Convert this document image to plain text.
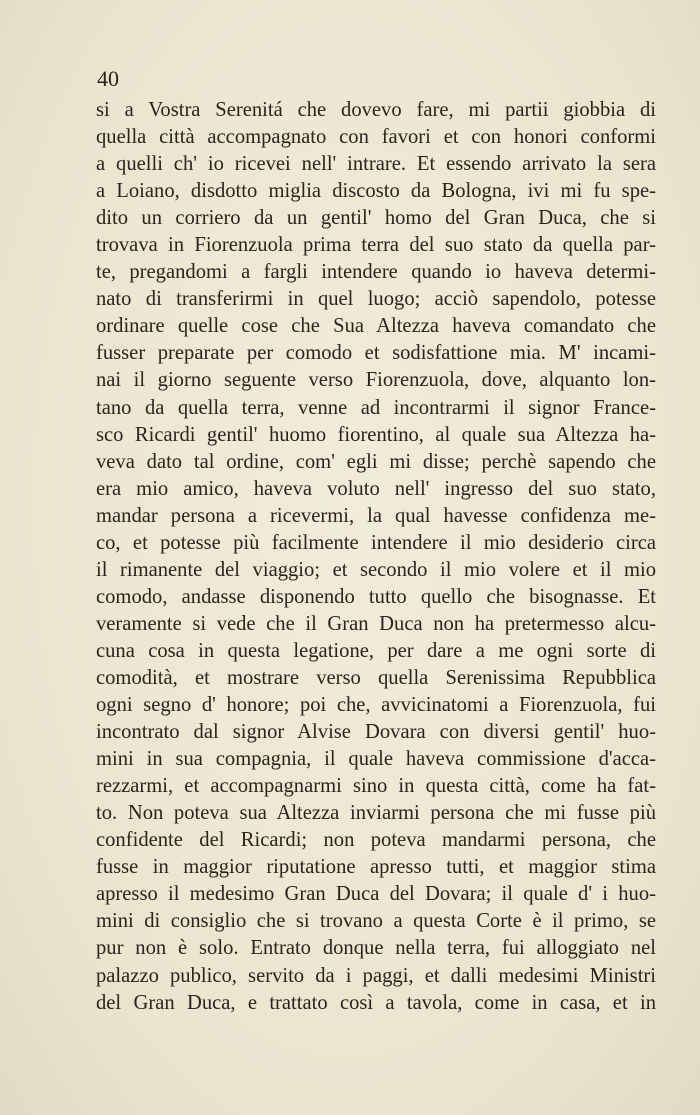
40
si a Vostra Serenitá che dovevo fare, mi partii giobbia di
quella città accompagnato con favori et con honori conformi
a quelli ch' io ricevei nell' intrare. Et essendo arrivato la sera
a Loiano, disdotto miglia discosto da Bologna, ivi mi fu spe-
dito un corriero da un gentil' homo del Gran Duca, che si
trovava in Fiorenzuola prima terra del suo stato da quella par-
te, pregandomi a fargli intendere quando io haveva determi-
nato di transferirmi in quel luogo; acciò sapendolo, potesse
ordinare quelle cose che Sua Altezza haveva comandato che
fusser preparate per comodo et sodisfattione mia. M' incami-
nai il giorno seguente verso Fiorenzuola, dove, alquanto lon-
tano da quella terra, venne ad incontrarmi il signor France-
sco Ricardi gentil' huomo fiorentino, al quale sua Altezza ha-
veva dato tal ordine, com' egli mi disse; perchè sapendo che
era mio amico, haveva voluto nell' ingresso del suo stato,
mandar persona a ricevermi, la qual havesse confidenza me-
co, et potesse più facilmente intendere il mio desiderio circa
il rimanente del viaggio; et secondo il mio volere et il mio
comodo, andasse disponendo tutto quello che bisognasse. Et
veramente si vede che il Gran Duca non ha pretermesso alcu-
cuna cosa in questa legatione, per dare a me ogni sorte di
comodità, et mostrare verso quella Serenissima Repubblica
ogni segno d' honore; poi che, avvicinatomi a Fiorenzuola, fui
incontrato dal signor Alvise Dovara con diversi gentil' huo-
mini in sua compagnia, il quale haveva commissione d'acca-
rezzarmi, et accompagnarmi sino in questa città, come ha fat-
to. Non poteva sua Altezza inviarmi persona che mi fusse più
confidente del Ricardi; non poteva mandarmi persona, che
fusse in maggior riputatione apresso tutti, et maggior stima
apresso il medesimo Gran Duca del Dovara; il quale d' i huo-
mini di consiglio che si trovano a questa Corte è il primo, se
pur non è solo. Entrato donque nella terra, fui alloggiato nel
palazzo publico, servito da i paggi, et dalli medesimi Ministri
del Gran Duca, e trattato così a tavola, come in casa, et in
